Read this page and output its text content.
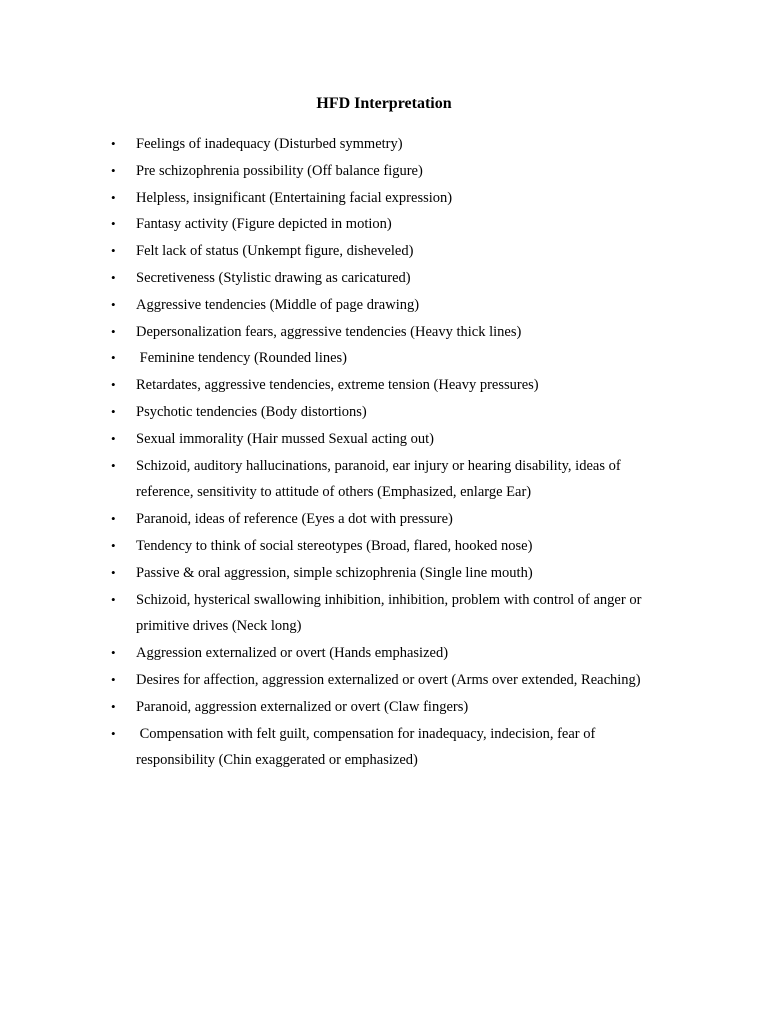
HFD Interpretation
• Feelings of inadequacy (Disturbed symmetry)
• Pre schizophrenia possibility (Off balance figure)
• Helpless, insignificant (Entertaining facial expression)
• Fantasy activity (Figure depicted in motion)
• Felt lack of status (Unkempt figure, disheveled)
• Secretiveness (Stylistic drawing as caricatured)
• Aggressive tendencies (Middle of page drawing)
• Depersonalization fears, aggressive tendencies (Heavy thick lines)
• Feminine tendency (Rounded lines)
• Retardates, aggressive tendencies, extreme tension (Heavy pressures)
• Psychotic tendencies (Body distortions)
• Sexual immorality (Hair mussed Sexual acting out)
• Schizoid, auditory hallucinations, paranoid, ear injury or hearing disability, ideas of reference, sensitivity to attitude of others (Emphasized, enlarge Ear)
• Paranoid, ideas of reference (Eyes a dot with pressure)
• Tendency to think of social stereotypes (Broad, flared, hooked nose)
• Passive & oral aggression, simple schizophrenia (Single line mouth)
• Schizoid, hysterical swallowing inhibition, inhibition, problem with control of anger or primitive drives (Neck long)
• Aggression externalized or overt (Hands emphasized)
• Desires for affection, aggression externalized or overt (Arms over extended, Reaching)
• Paranoid, aggression externalized or overt (Claw fingers)
• Compensation with felt guilt, compensation for inadequacy, indecision, fear of responsibility (Chin exaggerated or emphasized)
